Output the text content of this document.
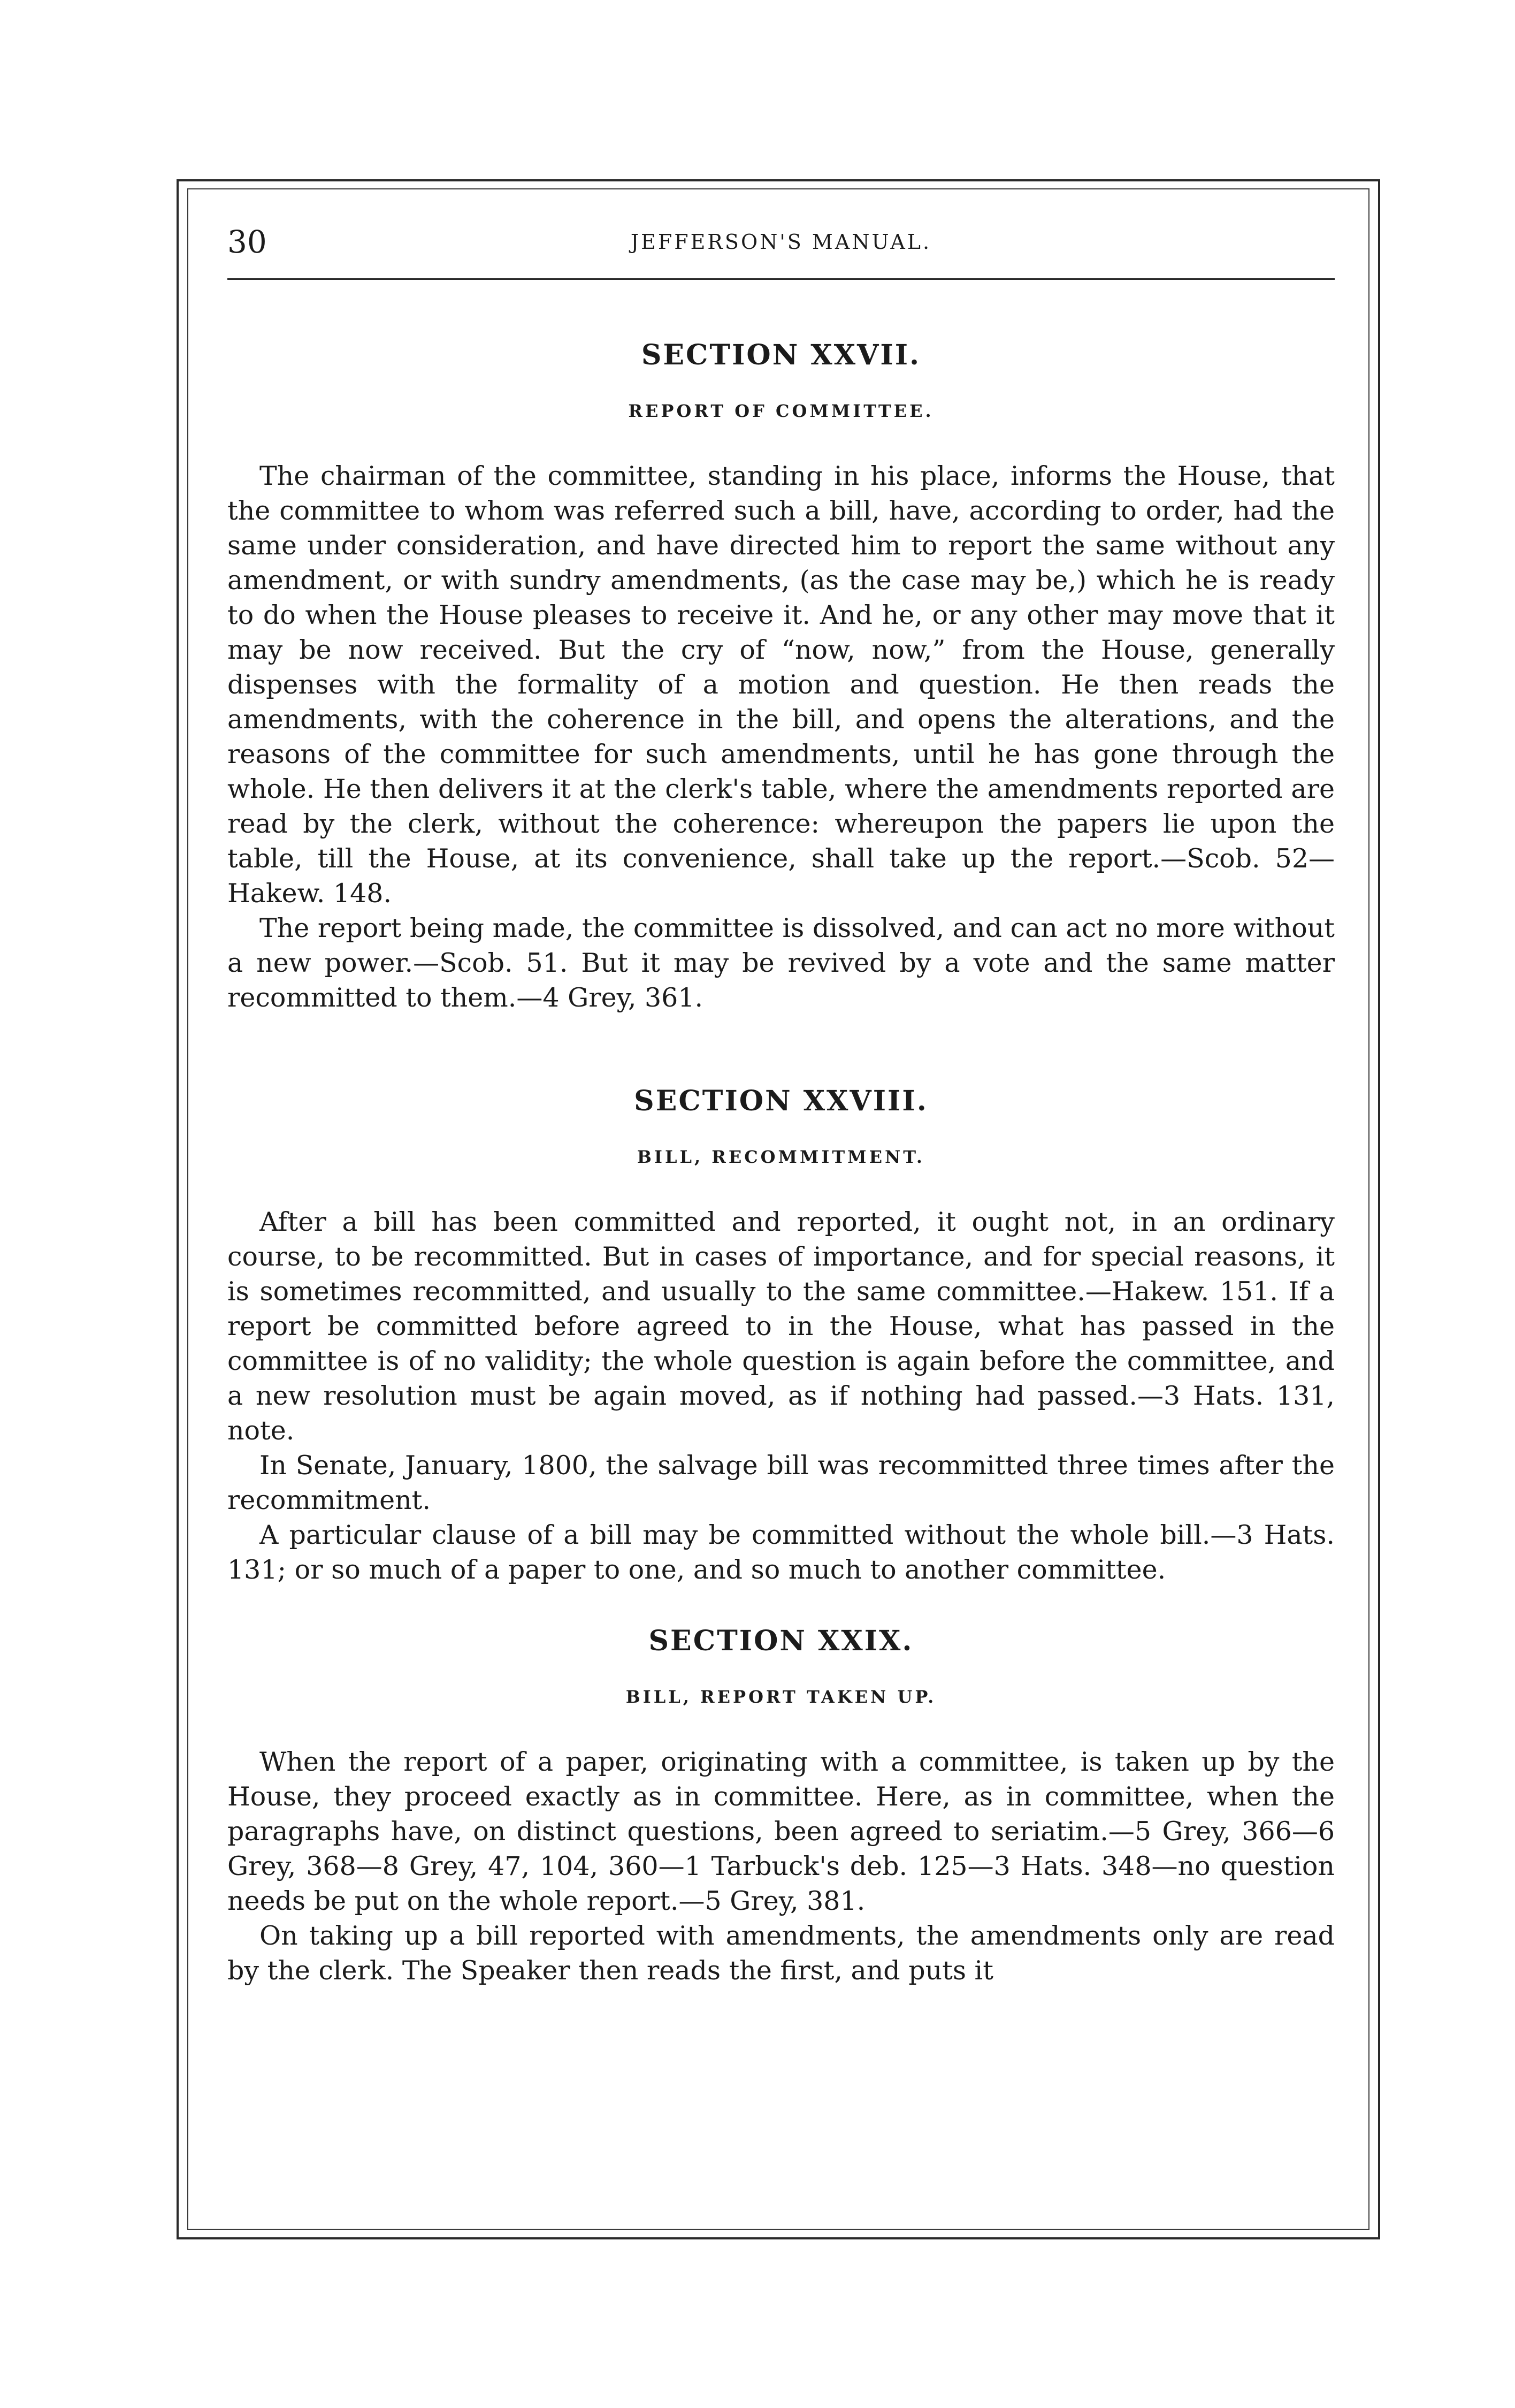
30	JEFFERSON'S MANUAL.
SECTION XXVII.
REPORT OF COMMITTEE.

The chairman of the committee, standing in his place, informs the House, that the committee to whom was referred such a bill, have, according to order, had the same under consideration, and have directed him to report the same without any amendment, or with sundry amendments, (as the case may be,) which he is ready to do when the House pleases to receive it. And he, or any other may move that it may be now received. But the cry of “now, now,” from the House, generally dispenses with the formality of a motion and question. He then reads the amendments, with the coherence in the bill, and opens the alterations, and the reasons of the committee for such amendments, until he has gone through the whole. He then delivers it at the clerk's table, where the amendments reported are read by the clerk, without the coherence: whereupon the papers lie upon the table, till the House, at its convenience, shall take up the report.—Scob. 52—Hakew. 148.

The report being made, the committee is dissolved, and can act no more without a new power.—Scob. 51. But it may be revived by a vote and the same matter recommitted to them.—4 Grey, 361.

SECTION XXVIII.
BILL, RECOMMITMENT.

After a bill has been committed and reported, it ought not, in an ordinary course, to be recommitted. But in cases of importance, and for special reasons, it is sometimes recommitted, and usually to the same committee.—Hakew. 151. If a report be committed before agreed to in the House, what has passed in the committee is of no validity; the whole question is again before the committee, and a new resolution must be again moved, as if nothing had passed.—3 Hats. 131, note.

In Senate, January, 1800, the salvage bill was recommitted three times after the recommitment.

A particular clause of a bill may be committed without the whole bill.—3 Hats. 131; or so much of a paper to one, and so much to another committee.

SECTION XXIX.
BILL, REPORT TAKEN UP.

When the report of a paper, originating with a committee, is taken up by the House, they proceed exactly as in committee. Here, as in committee, when the paragraphs have, on distinct questions, been agreed to seriatim.—5 Grey, 366—6 Grey, 368—8 Grey, 47, 104, 360—1 Tarbuck's deb. 125—3 Hats. 348—no question needs be put on the whole report.—5 Grey, 381.

On taking up a bill reported with amendments, the amendments only are read by the clerk. The Speaker then reads the first, and puts it
